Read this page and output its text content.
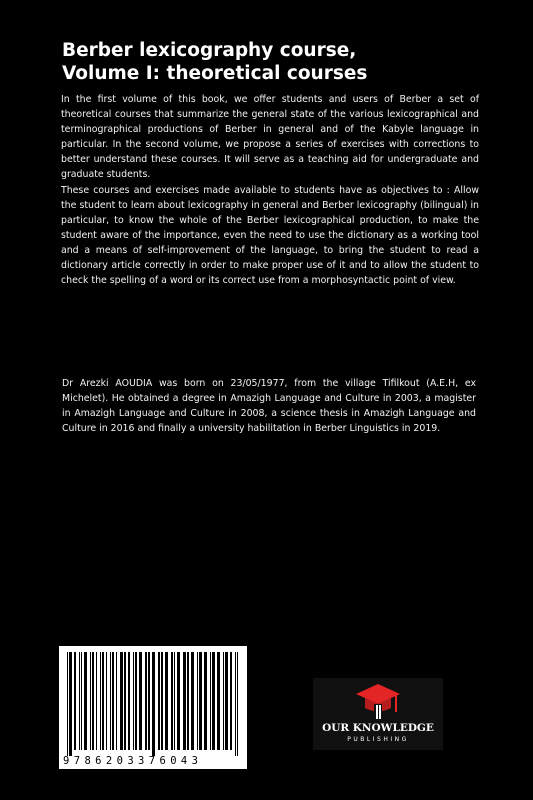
Berber lexicography course,
Volume I: theoretical courses

In the first volume of this book, we offer students and users of Berber a set of theoretical courses that summarize the general state of the various lexicographical and terminographical productions of Berber in general and of the Kabyle language in particular. In the second volume, we propose a series of exercises with corrections to better understand these courses. It will serve as a teaching aid for undergraduate and graduate students.

These courses and exercises made available to students have as objectives to : Allow the student to learn about lexicography in general and Berber lexicography (bilingual) in particular, to know the whole of the Berber lexicographical production, to make the student aware of the importance, even the need to use the dictionary as a working tool and a means of self-improvement of the language, to bring the student to read a dictionary article correctly in order to make proper use of it and to allow the student to check the spelling of a word or its correct use from a morphosyntactic point of view.

Dr Arezki AOUDIA was born on 23/05/1977, from the village Tifilkout (A.E.H, ex Michelet). He obtained a degree in Amazigh Language and Culture in 2003, a magister in Amazigh Language and Culture in 2008, a science thesis in Amazigh Language and Culture in 2016 and finally a university habilitation in Berber Linguistics in 2019.

9786203376043
OUR KNOWLEDGE
PUBLISHING
